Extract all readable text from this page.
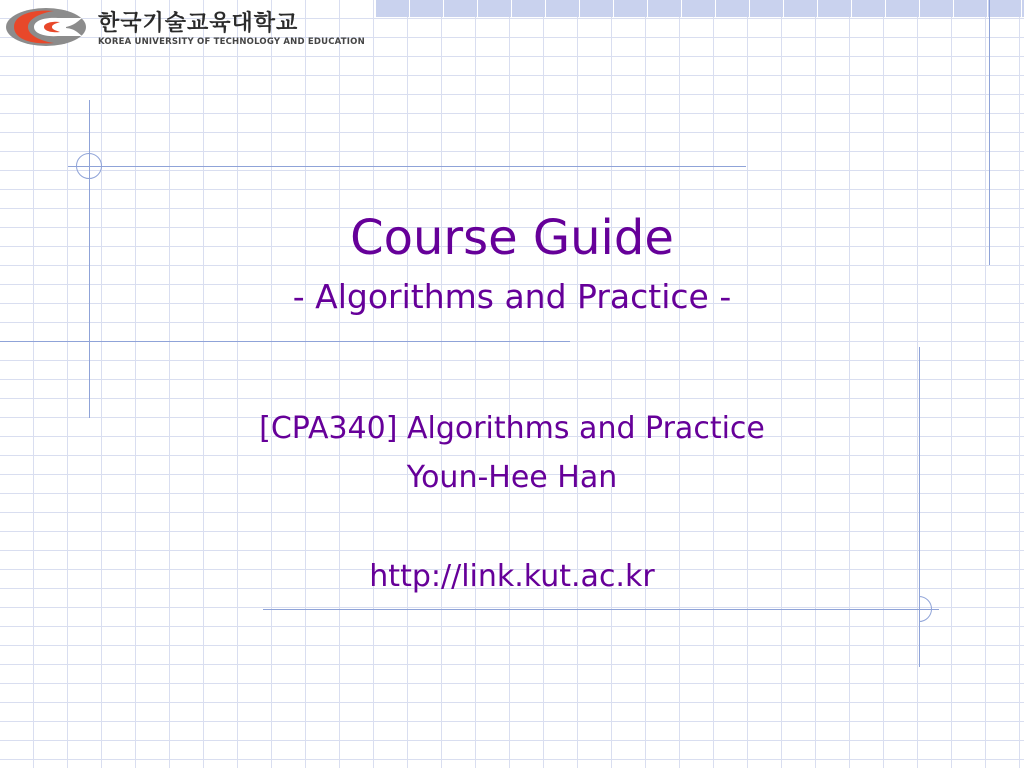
한국기술교육대학교
KOREA UNIVERSITY OF TECHNOLOGY AND EDUCATION
Course Guide
- Algorithms and Practice -
[CPA340] Algorithms and Practice
Youn-Hee Han
http://link.kut.ac.kr
